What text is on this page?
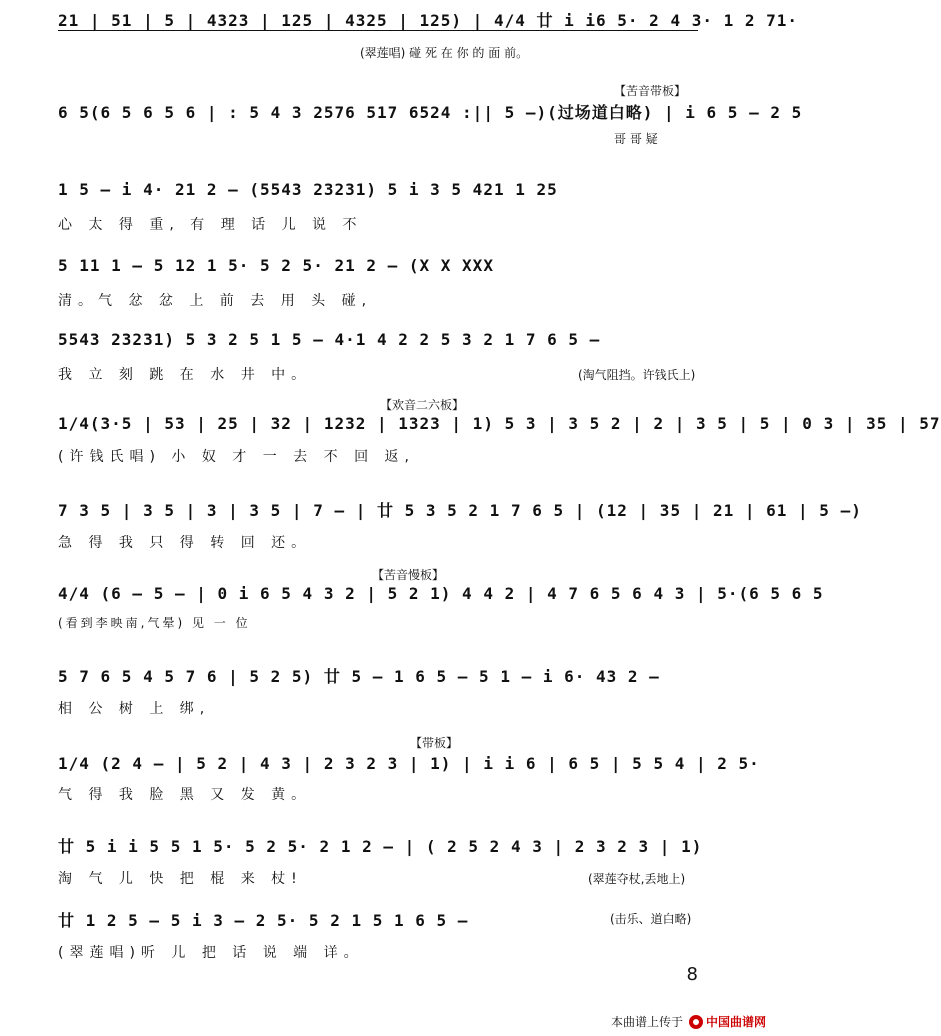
21 | 51 | 5 | 4323 | 125 | 4325 | 125) | 4/4 廿 i i6 5· 2 4 3· 1 2 71·
(翠莲唱) 碰 死 在 你 的 面 前。
【苦音带板】
6 5(6 5 6 5 6 | : 5 4 3 2576 517 6524 :|| 5 –)(过场道白略) | i 6 5 – 2 5
哥 哥 疑
1 5 – i 4· 21 2 – (5543 23231) 5 i 3 5 421 1 25
心 太 得 重, 有 理 话 儿 说 不
5 11 1 – 5 12 1 5· 5 2 5· 21 2 – (X X XXX
清。气 忿 忿 上 前 去 用 头 碰,
5543 23231) 5 3 2 5 1 5 – 4·1 4 2 2 5 3 2 1 7 6 5 –
我 立 刻 跳 在 水 井 中。	(淘气阻挡。许钱氏上)
【欢音二六板】
1/4(3·5 | 53 | 25 | 32 | 1232 | 1323 | 1) 5 3 | 3 5 2 | 2 | 3 5 | 5 | 0 3 | 35 | 57
(许钱氏唱) 小 奴 才 一 去 不 回 返,
7 3 5 | 3 5 | 3 | 3 5 | 7 – | 廿 5 3 5 2 1 7 6 5 | (12 | 35 | 21 | 61 | 5 –)
急 得 我 只 得 转 回 还。
【苦音慢板】
4/4 (6 – 5 – | 0 i 6 5 4 3 2 | 5 2 1) 4 4 2 | 4 7 6 5 6 4 3 | 5·(6 5 6 5
(看到李映南,气晕) 见 一 位
5 7 6 5 4 5 7 6 | 5 2 5) 廿 5 – 1 6 5 – 5 1 – i 6· 43 2 –
相 公 树 上 绑,
【带板】
1/4 (2 4 – | 5 2 | 4 3 | 2 3 2 3 | 1) | i i 6 | 6 5 | 5 5 4 | 2 5·
气 得 我 脸 黑 又 发 黄。
廿 5 i i 5 5 1 5· 5 2 5· 2 1 2 – | ( 2 5 2 4 3 | 2 3 2 3 | 1)
淘 气 儿 快 把 棍 来 杖!	(翠莲夺杖,丢地上)
廿 1 2 5 – 5 i 3 – 2 5· 5 2 1 5 1 6 5 –	(击乐、道白略)
(翠莲唱)听 儿 把 话 说 端 详。
8
本曲谱上传于 中国曲谱网
